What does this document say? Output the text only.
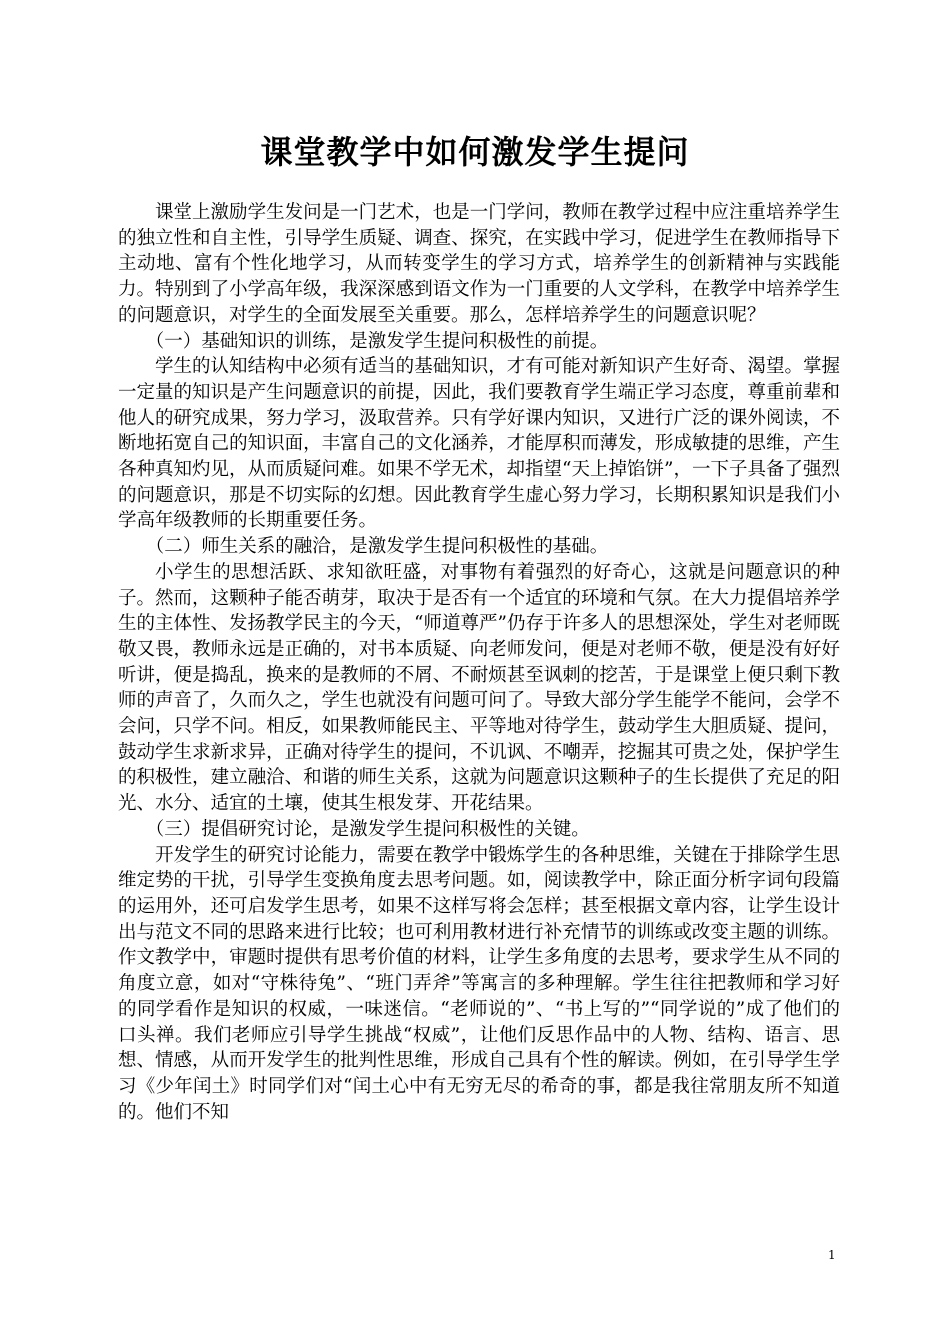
课堂教学中如何激发学生提问

课堂上激励学生发问是一门艺术，也是一门学问，教师在教学过程中应注重培养学生的独立性和自主性，引导学生质疑、调查、探究，在实践中学习，促进学生在教师指导下主动地、富有个性化地学习，从而转变学生的学习方式，培养学生的创新精神与实践能力。特别到了小学高年级，我深深感到语文作为一门重要的人文学科，在教学中培养学生的问题意识，对学生的全面发展至关重要。那么，怎样培养学生的问题意识呢？

（一）基础知识的训练，是激发学生提问积极性的前提。

学生的认知结构中必须有适当的基础知识，才有可能对新知识产生好奇、渴望。掌握一定量的知识是产生问题意识的前提，因此，我们要教育学生端正学习态度，尊重前辈和他人的研究成果，努力学习，汲取营养。只有学好课内知识，又进行广泛的课外阅读，不断地拓宽自己的知识面，丰富自己的文化涵养，才能厚积而薄发，形成敏捷的思维，产生各种真知灼见，从而质疑问难。如果不学无术，却指望“天上掉馅饼”，一下子具备了强烈的问题意识，那是不切实际的幻想。因此教育学生虚心努力学习，长期积累知识是我们小学高年级教师的长期重要任务。

（二）师生关系的融洽，是激发学生提问积极性的基础。

小学生的思想活跃、求知欲旺盛，对事物有着强烈的好奇心，这就是问题意识的种子。然而，这颗种子能否萌芽，取决于是否有一个适宜的环境和气氛。在大力提倡培养学生的主体性、发扬教学民主的今天，“师道尊严”仍存于许多人的思想深处，学生对老师既敬又畏，教师永远是正确的，对书本质疑、向老师发问，便是对老师不敬，便是没有好好听讲，便是捣乱，换来的是教师的不屑、不耐烦甚至讽刺的挖苦，于是课堂上便只剩下教师的声音了，久而久之，学生也就没有问题可问了。导致大部分学生能学不能问，会学不会问，只学不问。相反，如果教师能民主、平等地对待学生，鼓动学生大胆质疑、提问，鼓动学生求新求异，正确对待学生的提问，不讥讽、不嘲弄，挖掘其可贵之处，保护学生的积极性，建立融洽、和谐的师生关系，这就为问题意识这颗种子的生长提供了充足的阳光、水分、适宜的土壤，使其生根发芽、开花结果。

（三）提倡研究讨论，是激发学生提问积极性的关键。

开发学生的研究讨论能力，需要在教学中锻炼学生的各种思维，关键在于排除学生思维定势的干扰，引导学生变换角度去思考问题。如，阅读教学中，除正面分析字词句段篇的运用外，还可启发学生思考，如果不这样写将会怎样；甚至根据文章内容，让学生设计出与范文不同的思路来进行比较；也可利用教材进行补充情节的训练或改变主题的训练。作文教学中，审题时提供有思考价值的材料，让学生多角度的去思考，要求学生从不同的角度立意，如对“守株待兔”、“班门弄斧”等寓言的多种理解。学生往往把教师和学习好的同学看作是知识的权威，一味迷信。“老师说的”、“书上写的”“同学说的”成了他们的口头禅。我们老师应引导学生挑战“权威”，让他们反思作品中的人物、结构、语言、思想、情感，从而开发学生的批判性思维，形成自己具有个性的解读。例如，在引导学生学习《少年闰土》时同学们对“闰土心中有无穷无尽的希奇的事，都是我往常朋友所不知道的。他们不知

1
